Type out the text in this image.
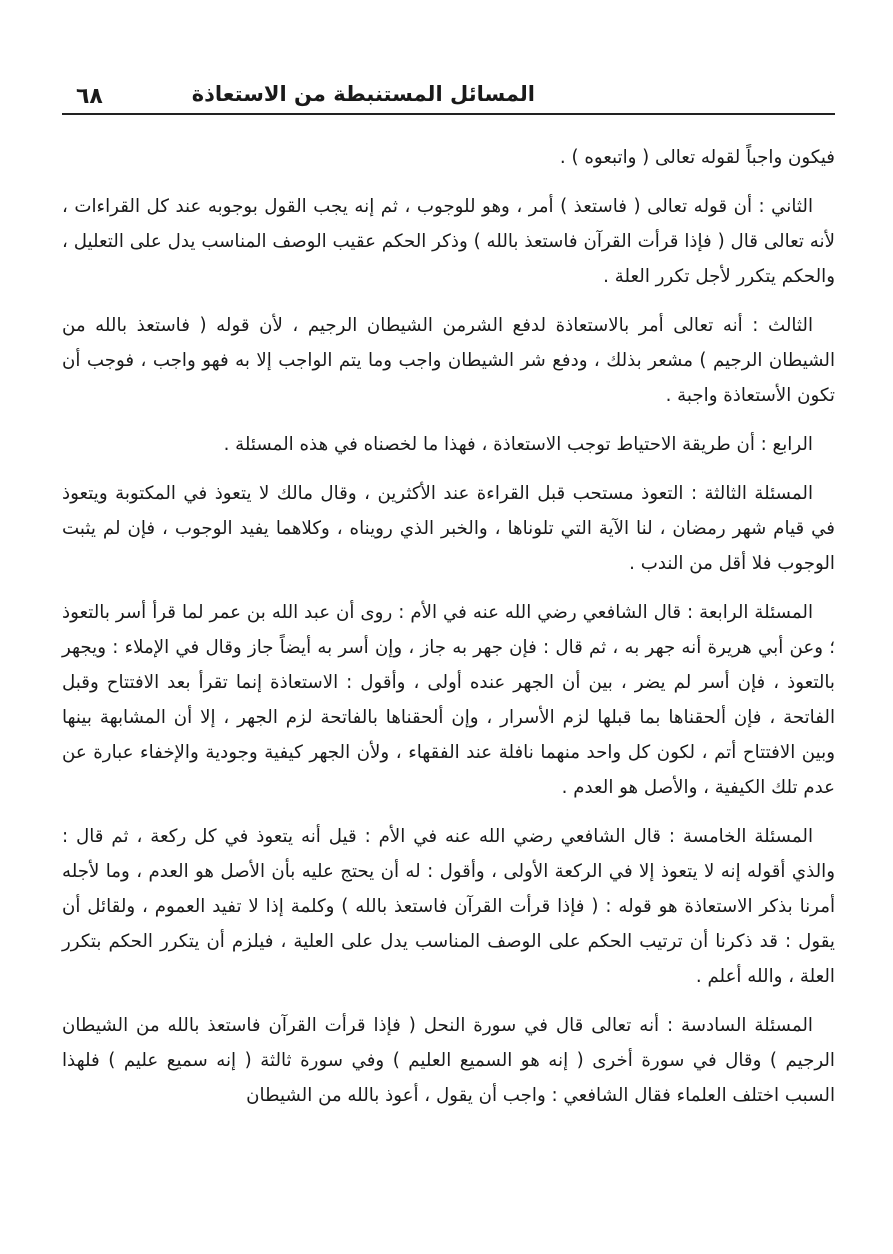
المسائل المستنبطة من الاستعاذة
٦٨

فيكون واجباً لقوله تعالى ( واتبعوه ) .

الثاني : أن قوله تعالى ( فاستعذ ) أمر ، وهو للوجوب ، ثم إنه يجب القول بوجوبه عند كل القراءات ، لأنه تعالى قال ( فإذا قرأت القرآن فاستعذ بالله ) وذكر الحكم عقيب الوصف المناسب يدل على التعليل ، والحكم يتكرر لأجل تكرر العلة .

الثالث : أنه تعالى أمر بالاستعاذة لدفع الشرمن الشيطان الرجيم ، لأن قوله ( فاستعذ بالله من الشيطان الرجيم ) مشعر بذلك ، ودفع شر الشيطان واجب وما يتم الواجب إلا به فهو واجب ، فوجب أن تكون الأستعاذة واجبة .

الرابع : أن طريقة الاحتياط توجب الاستعاذة ، فهذا ما لخصناه في هذه المسئلة .

المسئلة الثالثة : التعوذ مستحب قبل القراءة عند الأكثرين ، وقال مالك لا يتعوذ في المكتوبة ويتعوذ في قيام شهر رمضان ، لنا الآية التي تلوناها ، والخبر الذي رويناه ، وكلاهما يفيد الوجوب ، فإن لم يثبت الوجوب فلا أقل من الندب .

المسئلة الرابعة : قال الشافعي رضي الله عنه في الأم : روى أن عبد الله بن عمر لما قرأ أسر بالتعوذ ؛ وعن أبي هريرة أنه جهر به ، ثم قال : فإن جهر به جاز ، وإن أسر به أيضاً جاز وقال في الإملاء : ويجهر بالتعوذ ، فإن أسر لم يضر ، بين أن الجهر عنده أولى ، وأقول : الاستعاذة إنما تقرأ بعد الافتتاح وقبل الفاتحة ، فإن ألحقناها بما قبلها لزم الأسرار ، وإن ألحقناها بالفاتحة لزم الجهر ، إلا أن المشابهة بينها وبين الافتتاح أتم ، لكون كل واحد منهما نافلة عند الفقهاء ، ولأن الجهر كيفية وجودية والإخفاء عبارة عن عدم تلك الكيفية ، والأصل هو العدم .

المسئلة الخامسة : قال الشافعي رضي الله عنه في الأم : قيل أنه يتعوذ في كل ركعة ، ثم قال : والذي أقوله إنه لا يتعوذ إلا في الركعة الأولى ، وأقول : له أن يحتج عليه بأن الأصل هو العدم ، وما لأجله أمرنا بذكر الاستعاذة هو قوله : ( فإذا قرأت القرآن فاستعذ بالله ) وكلمة إذا لا تفيد العموم ، ولقائل أن يقول : قد ذكرنا أن ترتيب الحكم على الوصف المناسب يدل على العلية ، فيلزم أن يتكرر الحكم بتكرر العلة ، والله أعلم .

المسئلة السادسة : أنه تعالى قال في سورة النحل ( فإذا قرأت القرآن فاستعذ بالله من الشيطان الرجيم ) وقال في سورة أخرى ( إنه هو السميع العليم ) وفي سورة ثالثة ( إنه سميع عليم ) فلهذا السبب اختلف العلماء فقال الشافعي : واجب أن يقول ، أعوذ بالله من الشيطان
